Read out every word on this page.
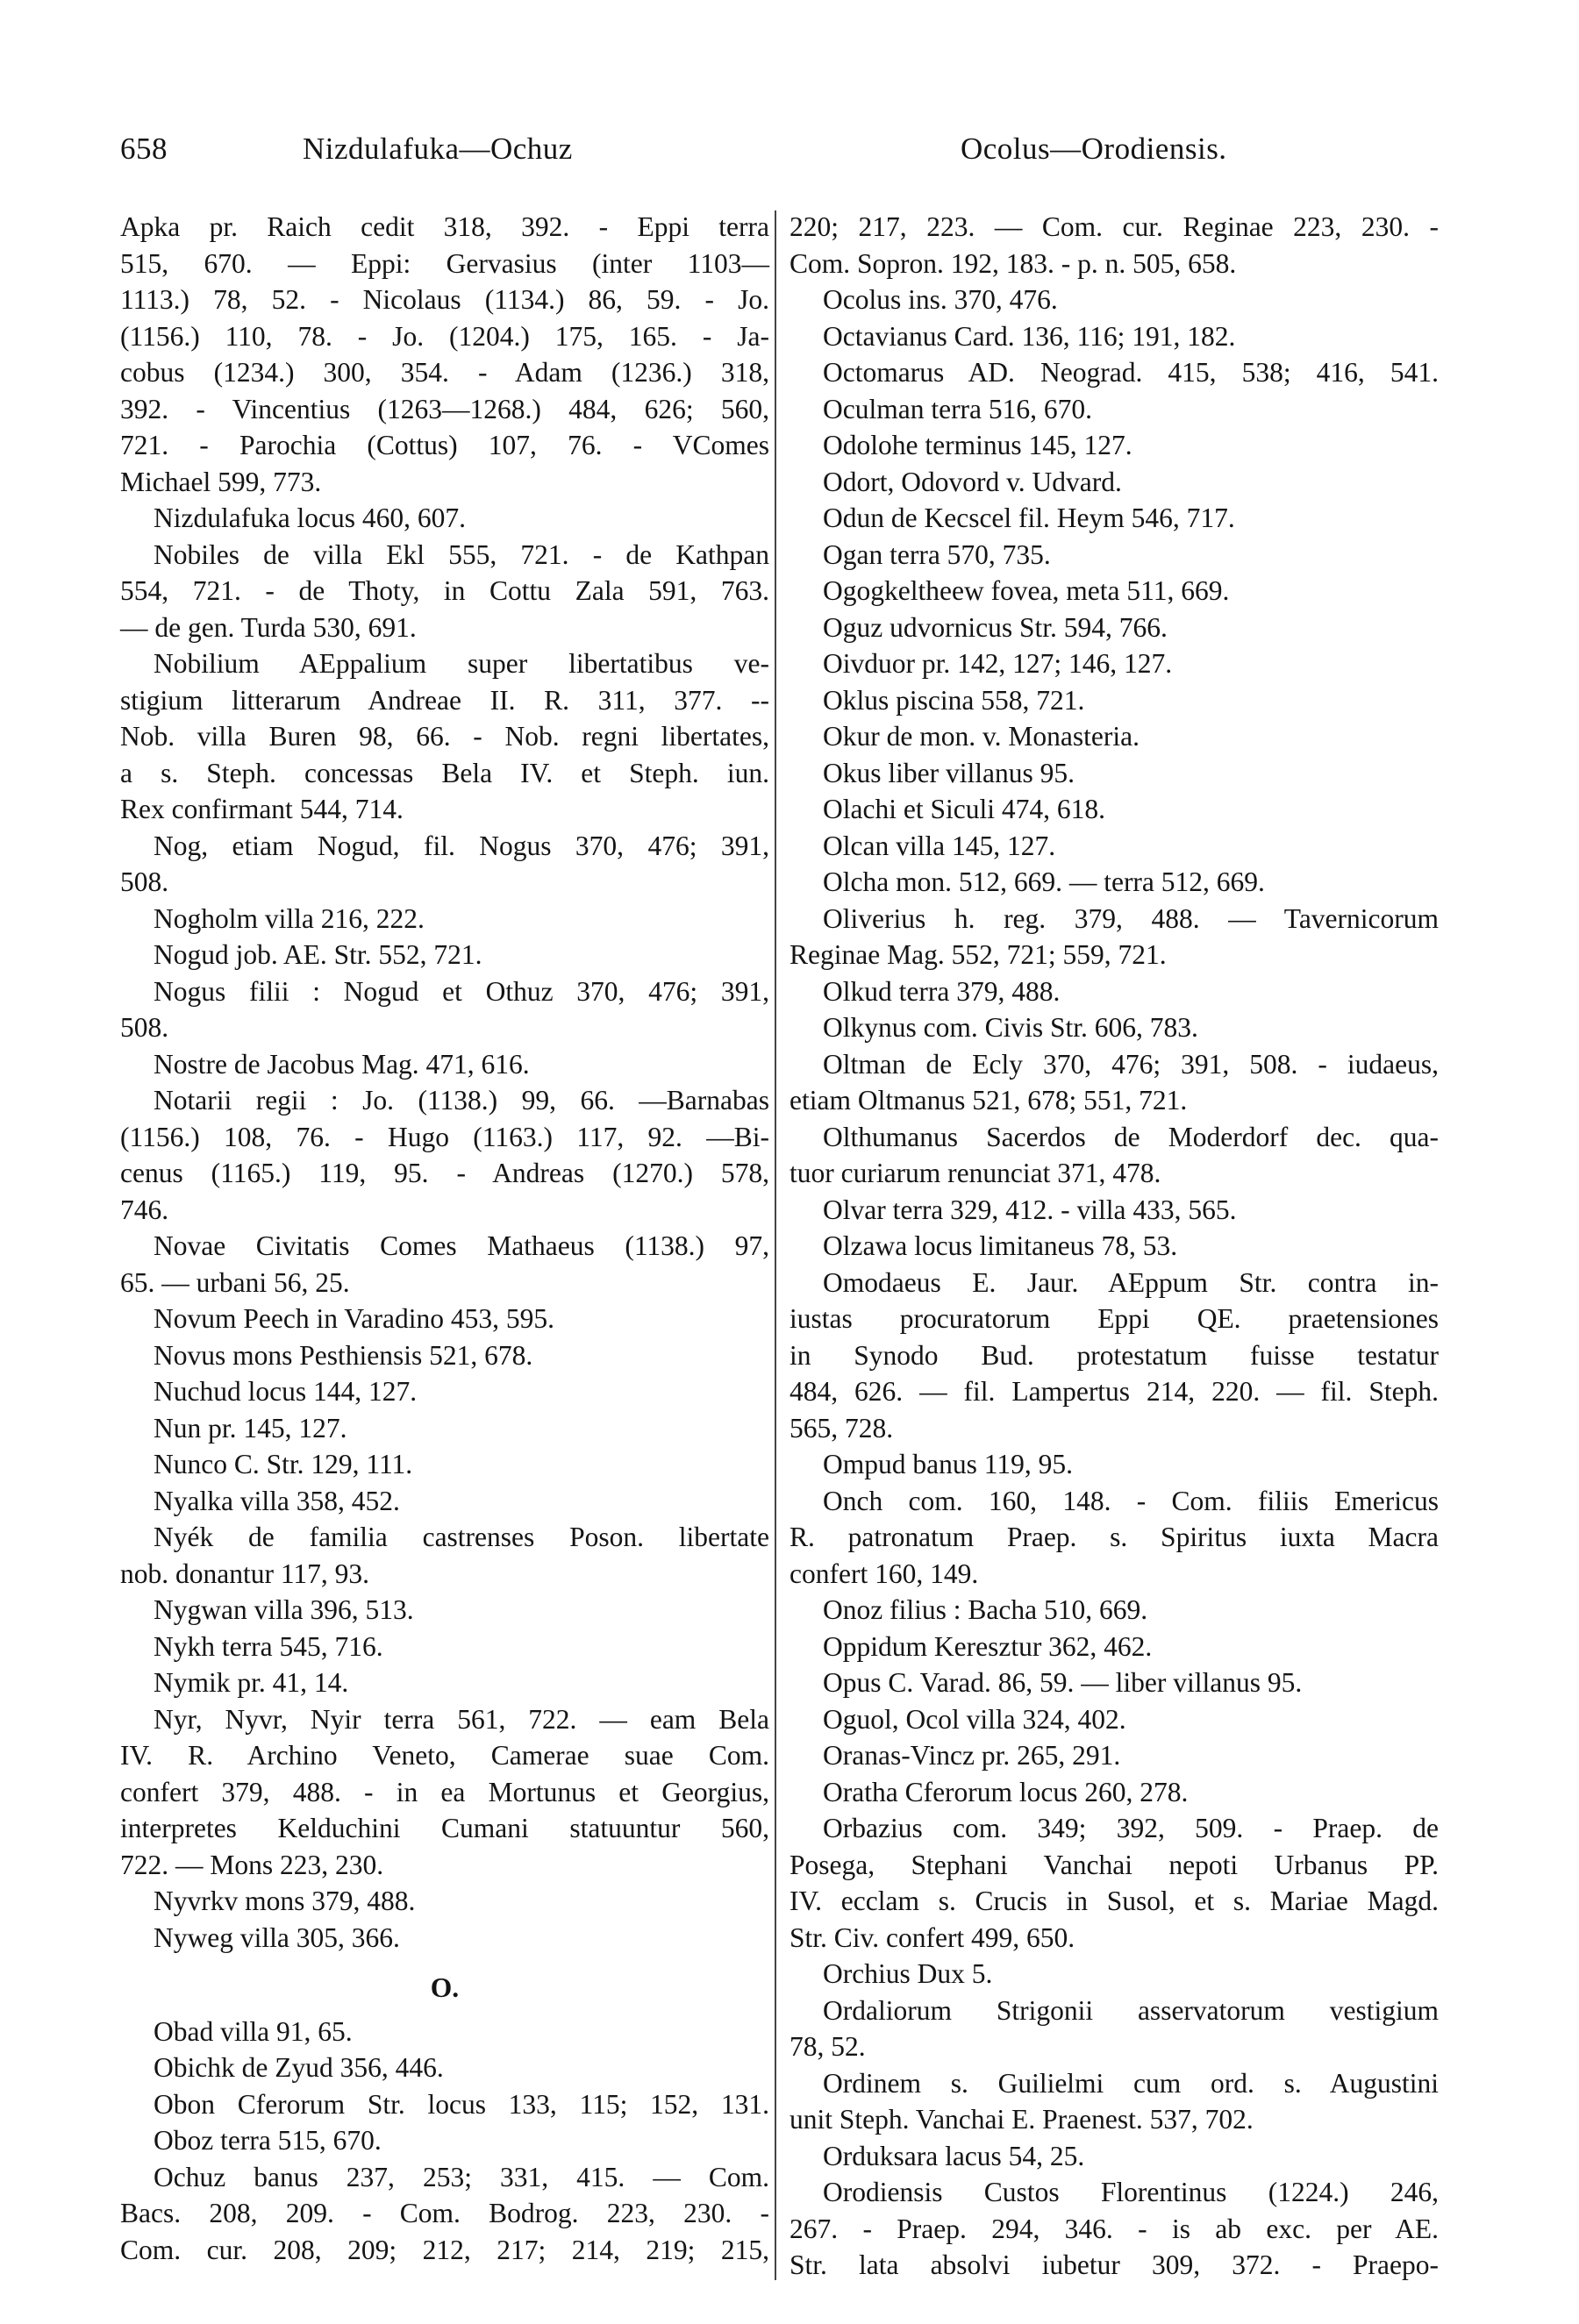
658	Nizdulafuka—Ochuz	Ocolus—Orodiensis.
Apka pr. Raich cedit 318, 392. - Eppi terra
515, 670. — Eppi: Gervasius (inter 1103—
1113.) 78, 52. - Nicolaus (1134.) 86, 59. - Jo.
(1156.) 110, 78. - Jo. (1204.) 175, 165. - Ja-
cobus (1234.) 300, 354. - Adam (1236.) 318,
392. - Vincentius (1263—1268.) 484, 626; 560,
721. - Parochia (Cottus) 107, 76. - VComes
Michael 599, 773.
Nizdulafuka locus 460, 607.
Nobiles de villa Ekl 555, 721. - de Kathpan
554, 721. - de Thoty, in Cottu Zala 591, 763.
— de gen. Turda 530, 691.
Nobilium AEppalium super libertatibus ve-
stigium litterarum Andreae II. R. 311, 377. --
Nob. villa Buren 98, 66. - Nob. regni libertates,
a s. Steph. concessas Bela IV. et Steph. iun.
Rex confirmant 544, 714.
Nog, etiam Nogud, fil. Nogus 370, 476; 391,
508.
Nogholm villa 216, 222.
Nogud job. AE. Str. 552, 721.
Nogus filii : Nogud et Othuz 370, 476; 391,
508.
Nostre de Jacobus Mag. 471, 616.
Notarii regii : Jo. (1138.) 99, 66. —Barnabas
(1156.) 108, 76. - Hugo (1163.) 117, 92. —Bi-
cenus (1165.) 119, 95. - Andreas (1270.) 578,
746.
Novae Civitatis Comes Mathaeus (1138.) 97,
65. — urbani 56, 25.
Novum Peech in Varadino 453, 595.
Novus mons Pesthiensis 521, 678.
Nuchud locus 144, 127.
Nun pr. 145, 127.
Nunco C. Str. 129, 111.
Nyalka villa 358, 452.
Nyék de familia castrenses Poson. libertate
nob. donantur 117, 93.
Nygwan villa 396, 513.
Nykh terra 545, 716.
Nymik pr. 41, 14.
Nyr, Nyvr, Nyir terra 561, 722. — eam Bela
IV. R. Archino Veneto, Camerae suae Com.
confert 379, 488. - in ea Mortunus et Georgius,
interpretes Kelduchini Cumani statuuntur 560,
722. — Mons 223, 230.
Nyvrkv mons 379, 488.
Nyweg villa 305, 366.
O.
Obad villa 91, 65.
Obichk de Zyud 356, 446.
Obon Cferorum Str. locus 133, 115; 152, 131.
Oboz terra 515, 670.
Ochuz banus 237, 253; 331, 415. — Com.
Bacs. 208, 209. - Com. Bodrog. 223, 230. -
Com. cur. 208, 209; 212, 217; 214, 219; 215,
220; 217, 223. — Com. cur. Reginae 223, 230. -
Com. Sopron. 192, 183. - p. n. 505, 658.
Ocolus ins. 370, 476.
Octavianus Card. 136, 116; 191, 182.
Octomarus AD. Neograd. 415, 538; 416, 541.
Oculman terra 516, 670.
Odolohe terminus 145, 127.
Odort, Odovord v. Udvard.
Odun de Kecscel fil. Heym 546, 717.
Ogan terra 570, 735.
Ogogkeltheew fovea, meta 511, 669.
Oguz udvornicus Str. 594, 766.
Oivduor pr. 142, 127; 146, 127.
Oklus piscina 558, 721.
Okur de mon. v. Monasteria.
Okus liber villanus 95.
Olachi et Siculi 474, 618.
Olcan villa 145, 127.
Olcha mon. 512, 669. — terra 512, 669.
Oliverius h. reg. 379, 488. — Tavernicorum
Reginae Mag. 552, 721; 559, 721.
Olkud terra 379, 488.
Olkynus com. Civis Str. 606, 783.
Oltman de Ecly 370, 476; 391, 508. - iudaeus,
etiam Oltmanus 521, 678; 551, 721.
Olthumanus Sacerdos de Moderdorf dec. qua-
tuor curiarum renunciat 371, 478.
Olvar terra 329, 412. - villa 433, 565.
Olzawa locus limitaneus 78, 53.
Omodaeus E. Jaur. AEppum Str. contra in-
iustas procuratorum Eppi QE. praetensiones
in Synodo Bud. protestatum fuisse testatur
484, 626. — fil. Lampertus 214, 220. — fil. Steph.
565, 728.
Ompud banus 119, 95.
Onch com. 160, 148. - Com. filiis Emericus
R. patronatum Praep. s. Spiritus iuxta Macra
confert 160, 149.
Onoz filius : Bacha 510, 669.
Oppidum Keresztur 362, 462.
Opus C. Varad. 86, 59. — liber villanus 95.
Oguol, Ocol villa 324, 402.
Oranas-Vincz pr. 265, 291.
Oratha Cferorum locus 260, 278.
Orbazius com. 349; 392, 509. - Praep. de
Posega, Stephani Vanchai nepoti Urbanus PP.
IV. ecclam s. Crucis in Susol, et s. Mariae Magd.
Str. Civ. confert 499, 650.
Orchius Dux 5.
Ordaliorum Strigonii asservatorum vestigium
78, 52.
Ordinem s. Guilielmi cum ord. s. Augustini
unit Steph. Vanchai E. Praenest. 537, 702.
Orduksara lacus 54, 25.
Orodiensis Custos Florentinus (1224.) 246,
267. - Praep. 294, 346. - is ab exc. per AE.
Str. lata absolvi iubetur 309, 372. - Praepo-
